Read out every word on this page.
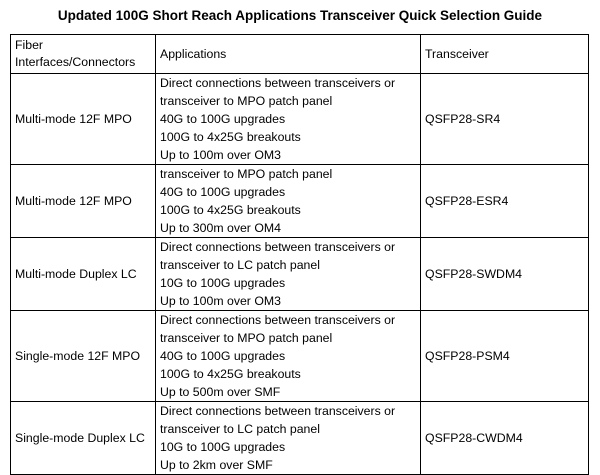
Updated 100G Short Reach Applications Transceiver Quick Selection Guide
Fiber
Interfaces/Connectors	Applications	Transceiver
Multi-mode 12F MPO	Direct connections between transceivers or
transceiver to MPO patch panel
40G to 100G upgrades
100G to 4x25G breakouts
Up to 100m over OM3	QSFP28-SR4
Multi-mode 12F MPO	transceiver to MPO patch panel
40G to 100G upgrades
100G to 4x25G breakouts
Up to 300m over OM4	QSFP28-ESR4
Multi-mode Duplex LC	Direct connections between transceivers or
transceiver to LC patch panel
10G to 100G upgrades
Up to 100m over OM3	QSFP28-SWDM4
Single-mode 12F MPO	Direct connections between transceivers or
transceiver to MPO patch panel
40G to 100G upgrades
100G to 4x25G breakouts
Up to 500m over SMF	QSFP28-PSM4
Single-mode Duplex LC	Direct connections between transceivers or
transceiver to LC patch panel
10G to 100G upgrades
Up to 2km over SMF	QSFP28-CWDM4
